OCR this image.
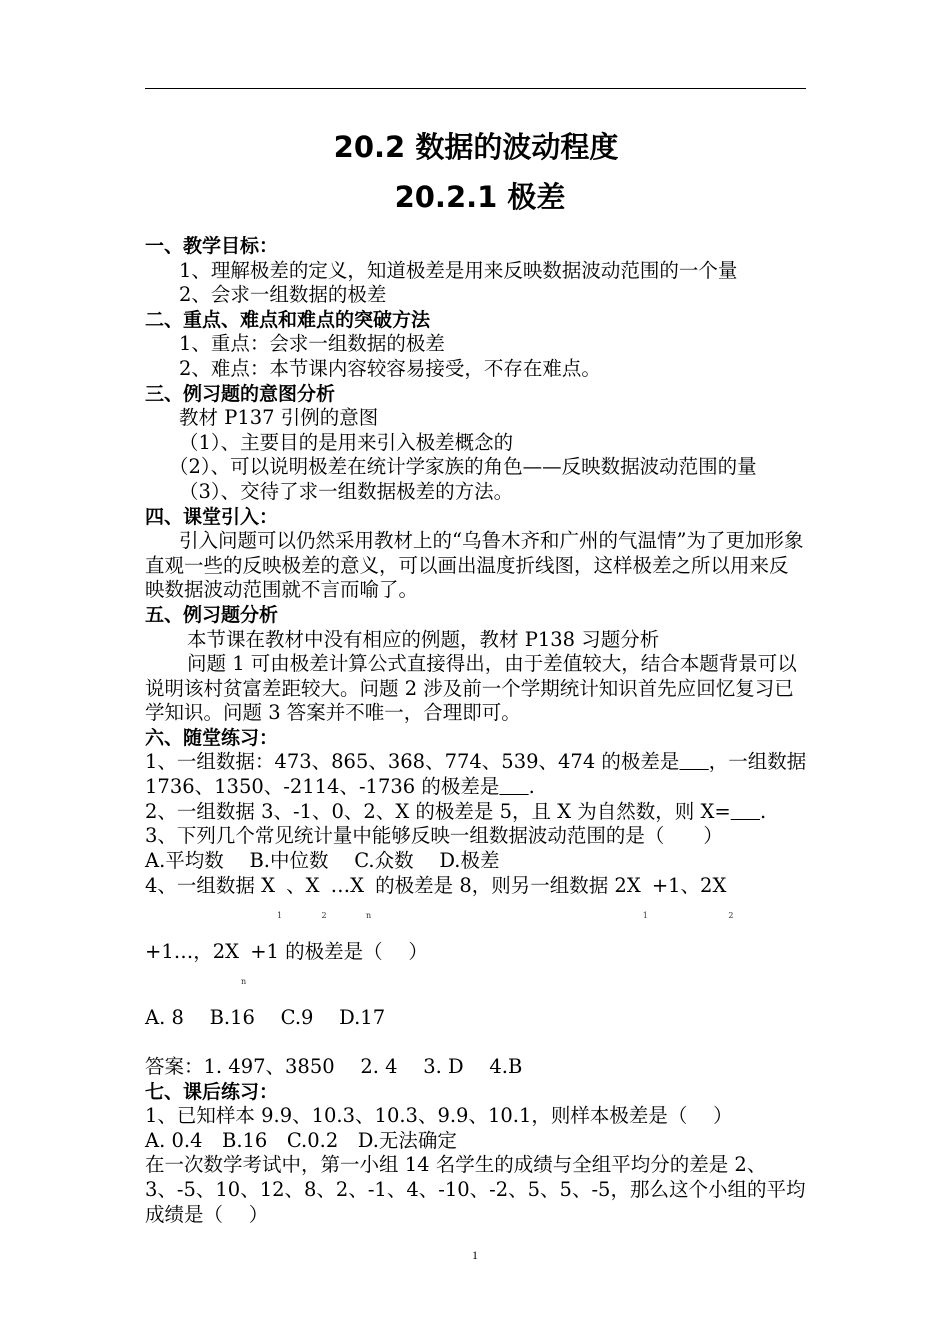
20.2 数据的波动程度
20.2.1 极差
一、教学目标：
1、理解极差的定义，知道极差是用来反映数据波动范围的一个量
2、会求一组数据的极差
二、重点、难点和难点的突破方法
1、重点：会求一组数据的极差
2、难点：本节课内容较容易接受，不存在难点。
三、例习题的意图分析
教材 P137 引例的意图
（1）、主要目的是用来引入极差概念的
（2）、可以说明极差在统计学家族的角色——反映数据波动范围的量
（3）、交待了求一组数据极差的方法。
四、课堂引入：
引入问题可以仍然采用教材上的“乌鲁木齐和广州的气温情”为了更加形象直观一些的反映极差的意义，可以画出温度折线图，这样极差之所以用来反映数据波动范围就不言而喻了。
五、例习题分析
本节课在教材中没有相应的例题，教材 P138 习题分析
问题 1 可由极差计算公式直接得出，由于差值较大，结合本题背景可以说明该村贫富差距较大。问题 2 涉及前一个学期统计知识首先应回忆复习已学知识。问题 3 答案并不唯一，合理即可。
六、随堂练习：
1、一组数据：473、865、368、774、539、474 的极差是   ，一组数据 1736、1350、-2114、-1736 的极差是   .
2、一组数据 3、-1、0、2、X 的极差是 5，且 X 为自然数，则 X=   .
3、下列几个常见统计量中能够反映一组数据波动范围的是（　　）
A.平均数　 B.中位数　 C.众数　 D.极差
4、一组数据 $X_1$、$X_2\dots X_n$的极差是 8，则另一组数据 $2X_1+1$、$2X_2$
+1…，$2X_n+1$ 的极差是（　 ）
A. 8　 B.16　 C.9　 D.17
答案：1. 497、3850　 2. 4　 3. D　 4.B
七、课后练习：
1、已知样本 9.9、10.3、10.3、9.9、10.1，则样本极差是（　 ）
A. 0.4　B.16　C.0.2　D.无法确定
在一次数学考试中，第一小组 14 名学生的成绩与全组平均分的差是 2、3、-5、10、12、8、2、-1、4、-10、-2、5、5、-5，那么这个小组的平均成绩是（　 ）
1
